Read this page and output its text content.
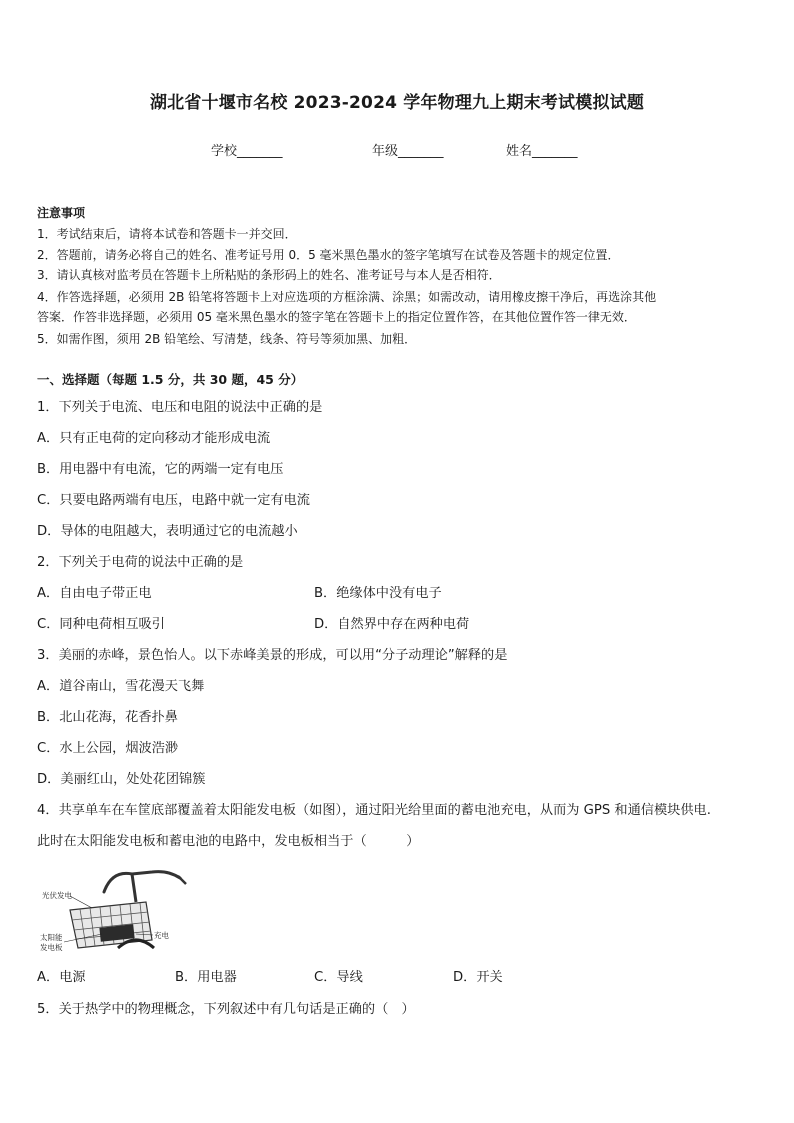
湖北省十堰市名校 2023-2024 学年物理九上期末考试模拟试题
学校_______	年级_______	姓名_______
注意事项
1．考试结束后，请将本试卷和答题卡一并交回．
2．答题前，请务必将自己的姓名、准考证号用 0．5 毫米黑色墨水的签字笔填写在试卷及答题卡的规定位置．
3．请认真核对监考员在答题卡上所粘贴的条形码上的姓名、准考证号与本人是否相符．
4．作答选择题，必须用 2B 铅笔将答题卡上对应选项的方框涂满、涂黑；如需改动，请用橡皮擦干净后，再选涂其他
答案．作答非选择题，必须用 05 毫米黑色墨水的签字笔在答题卡上的指定位置作答，在其他位置作答一律无效．
5．如需作图，须用 2B 铅笔绘、写清楚，线条、符号等须加黑、加粗．
一、选择题（每题 1.5 分，共 30 题，45 分）
1．下列关于电流、电压和电阻的说法中正确的是
A．只有正电荷的定向移动才能形成电流
B．用电器中有电流，它的两端一定有电压
C．只要电路两端有电压，电路中就一定有电流
D．导体的电阻越大，表明通过它的电流越小
2．下列关于电荷的说法中正确的是
A．自由电子带正电	B．绝缘体中没有电子
C．同种电荷相互吸引	D．自然界中存在两种电荷
3．美丽的赤峰，景色怡人。以下赤峰美景的形成，可以用“分子动理论”解释的是
A．道谷南山，雪花漫天飞舞
B．北山花海，花香扑鼻
C．水上公园，烟波浩渺
D．美丽红山，处处花团锦簇
4．共享单车在车筐底部覆盖着太阳能发电板（如图），通过阳光给里面的蓄电池充电，从而为 GPS 和通信模块供电.
此时在太阳能发电板和蓄电池的电路中，发电板相当于（　　　）
光伏发电
充电
太阳能
发电板
A．电源	B．用电器	C．导线	D．开关
5．关于热学中的物理概念，下列叙述中有几句话是正确的（　）
